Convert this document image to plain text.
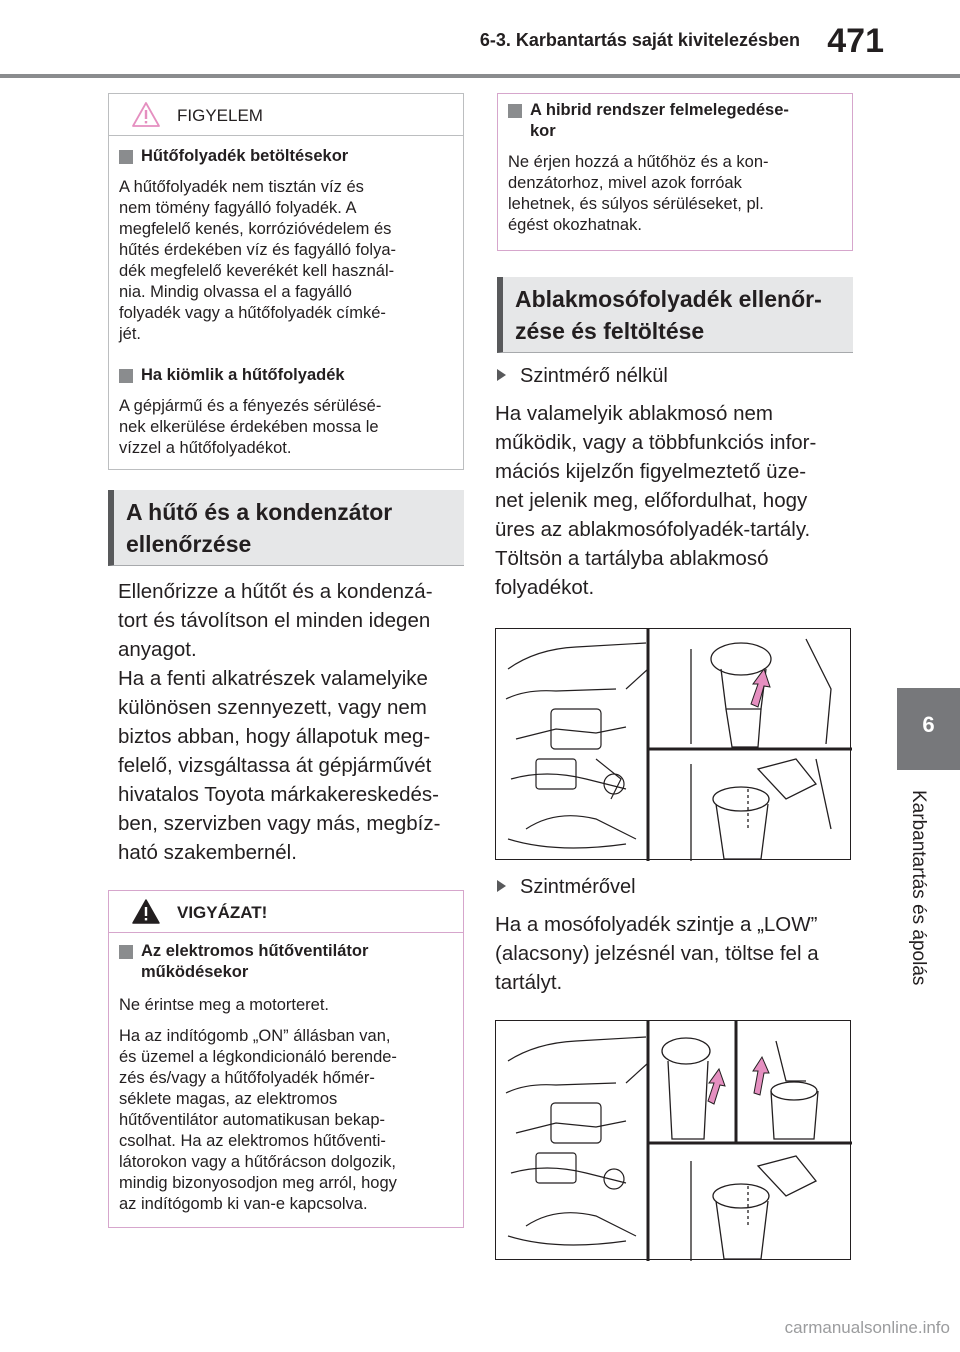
6-3. Karbantartás saját kivitelezésben 471
6
Karbantartás és ápolás
FIGYELEM
Hűtőfolyadék betöltésekor
A hűtőfolyadék nem tisztán víz és
nem tömény fagyálló folyadék. A
megfelelő kenés, korrózióvédelem és
hűtés érdekében víz és fagyálló folya-
dék megfelelő keverékét kell használ-
nia. Mindig olvassa el a fagyálló
folyadék vagy a hűtőfolyadék címké-
jét.
Ha kiömlik a hűtőfolyadék
A gépjármű és a fényezés sérülésé-
nek elkerülése érdekében mossa le
vízzel a hűtőfolyadékot.
A hűtő és a kondenzátor
ellenőrzése
Ellenőrizze a hűtőt és a kondenzá-
tort és távolítson el minden idegen
anyagot.
Ha a fenti alkatrészek valamelyike
különösen szennyezett, vagy nem
biztos abban, hogy állapotuk meg-
felelő, vizsgáltassa át gépjárművét
hivatalos Toyota márkakereskedés-
ben, szervizben vagy más, megbíz-
ható szakembernél.
VIGYÁZAT!
Az elektromos hűtőventilátor
működésekor
Ne érintse meg a motorteret.
Ha az indítógomb „ON” állásban van,
és üzemel a légkondicionáló berende-
zés és/vagy a hűtőfolyadék hőmér-
séklete magas, az elektromos
hűtőventilátor automatikusan bekap-
csolhat. Ha az elektromos hűtőventi-
látorokon vagy a hűtőrácson dolgozik,
mindig bizonyosodjon meg arról, hogy
az indítógomb ki van-e kapcsolva.
A hibrid rendszer felmelegedése-
kor
Ne érjen hozzá a hűtőhöz és a kon-
denzátorhoz, mivel azok forróak
lehetnek, és súlyos sérüléseket, pl.
égést okozhatnak.
Ablakmosófolyadék ellenőr-
zése és feltöltése
Szintmérő nélkül
Ha valamelyik ablakmosó nem
működik, vagy a többfunkciós infor-
mációs kijelzőn figyelmeztető üze-
net jelenik meg, előfordulhat, hogy
üres az ablakmosófolyadék-tartály.
Töltsön a tartályba ablakmosó
folyadékot.
Szintmérővel
Ha a mosófolyadék szintje a „LOW”
(alacsony) jelzésnél van, töltse fel a
tartályt.
carmanualsonline.info
